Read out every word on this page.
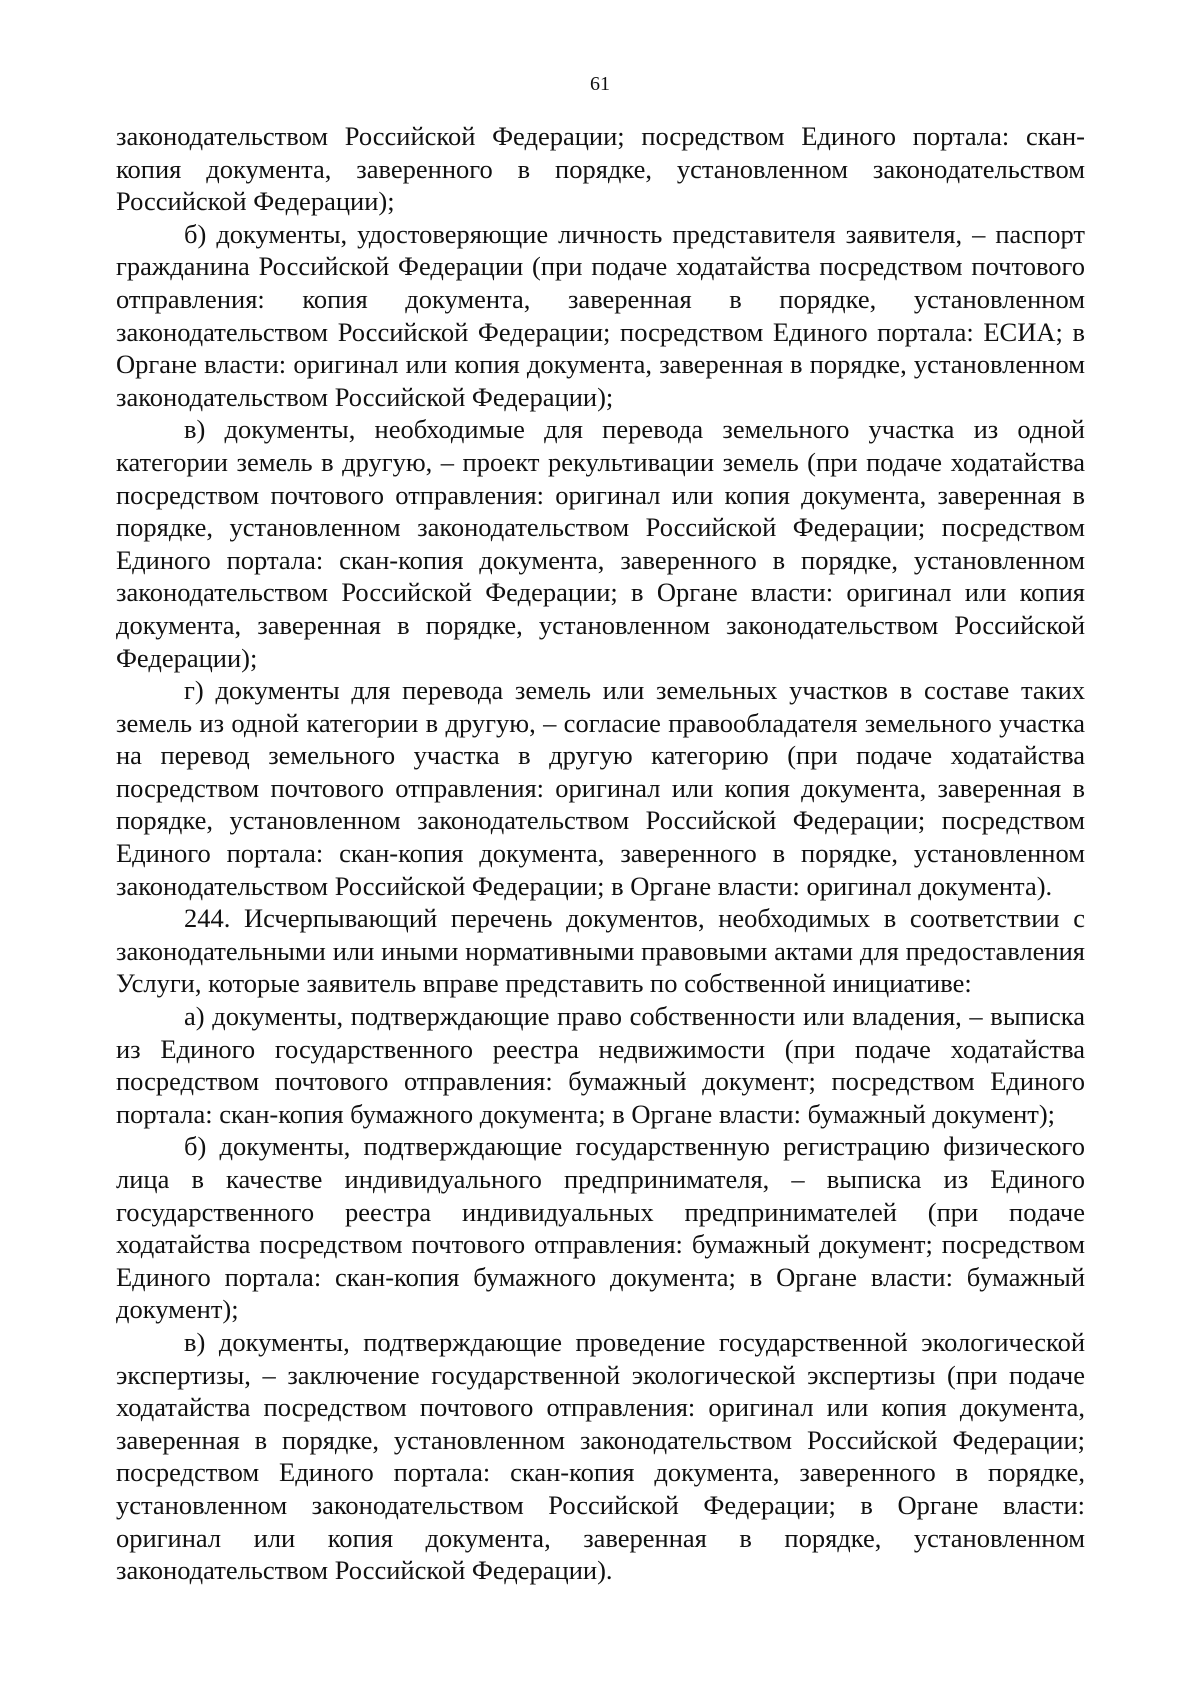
61

законодательством Российской Федерации; посредством Единого портала: скан-копия документа, заверенного в порядке, установленном законодательством Российской Федерации);

б) документы, удостоверяющие личность представителя заявителя, – паспорт гражданина Российской Федерации (при подаче ходатайства посредством почтового отправления: копия документа, заверенная в порядке, установленном законодательством Российской Федерации; посредством Единого портала: ЕСИА; в Органе власти: оригинал или копия документа, заверенная в порядке, установленном законодательством Российской Федерации);

в) документы, необходимые для перевода земельного участка из одной категории земель в другую, – проект рекультивации земель (при подаче ходатайства посредством почтового отправления: оригинал или копия документа, заверенная в порядке, установленном законодательством Российской Федерации; посредством Единого портала: скан-копия документа, заверенного в порядке, установленном законодательством Российской Федерации; в Органе власти: оригинал или копия документа, заверенная в порядке, установленном законодательством Российской Федерации);

г) документы для перевода земель или земельных участков в составе таких земель из одной категории в другую, – согласие правообладателя земельного участка на перевод земельного участка в другую категорию (при подаче ходатайства посредством почтового отправления: оригинал или копия документа, заверенная в порядке, установленном законодательством Российской Федерации; посредством Единого портала: скан-копия документа, заверенного в порядке, установленном законодательством Российской Федерации; в Органе власти: оригинал документа).

244. Исчерпывающий перечень документов, необходимых в соответствии с законодательными или иными нормативными правовыми актами для предоставления Услуги, которые заявитель вправе представить по собственной инициативе:

а) документы, подтверждающие право собственности или владения, – выписка из Единого государственного реестра недвижимости (при подаче ходатайства посредством почтового отправления: бумажный документ; посредством Единого портала: скан-копия бумажного документа; в Органе власти: бумажный документ);

б) документы, подтверждающие государственную регистрацию физического лица в качестве индивидуального предпринимателя, – выписка из Единого государственного реестра индивидуальных предпринимателей (при подаче ходатайства посредством почтового отправления: бумажный документ; посредством Единого портала: скан-копия бумажного документа; в Органе власти: бумажный документ);

в) документы, подтверждающие проведение государственной экологической экспертизы, – заключение государственной экологической экспертизы (при подаче ходатайства посредством почтового отправления: оригинал или копия документа, заверенная в порядке, установленном законодательством Российской Федерации; посредством Единого портала: скан-копия документа, заверенного в порядке, установленном законодательством Российской Федерации; в Органе власти: оригинал или копия документа, заверенная в порядке, установленном законодательством Российской Федерации).
